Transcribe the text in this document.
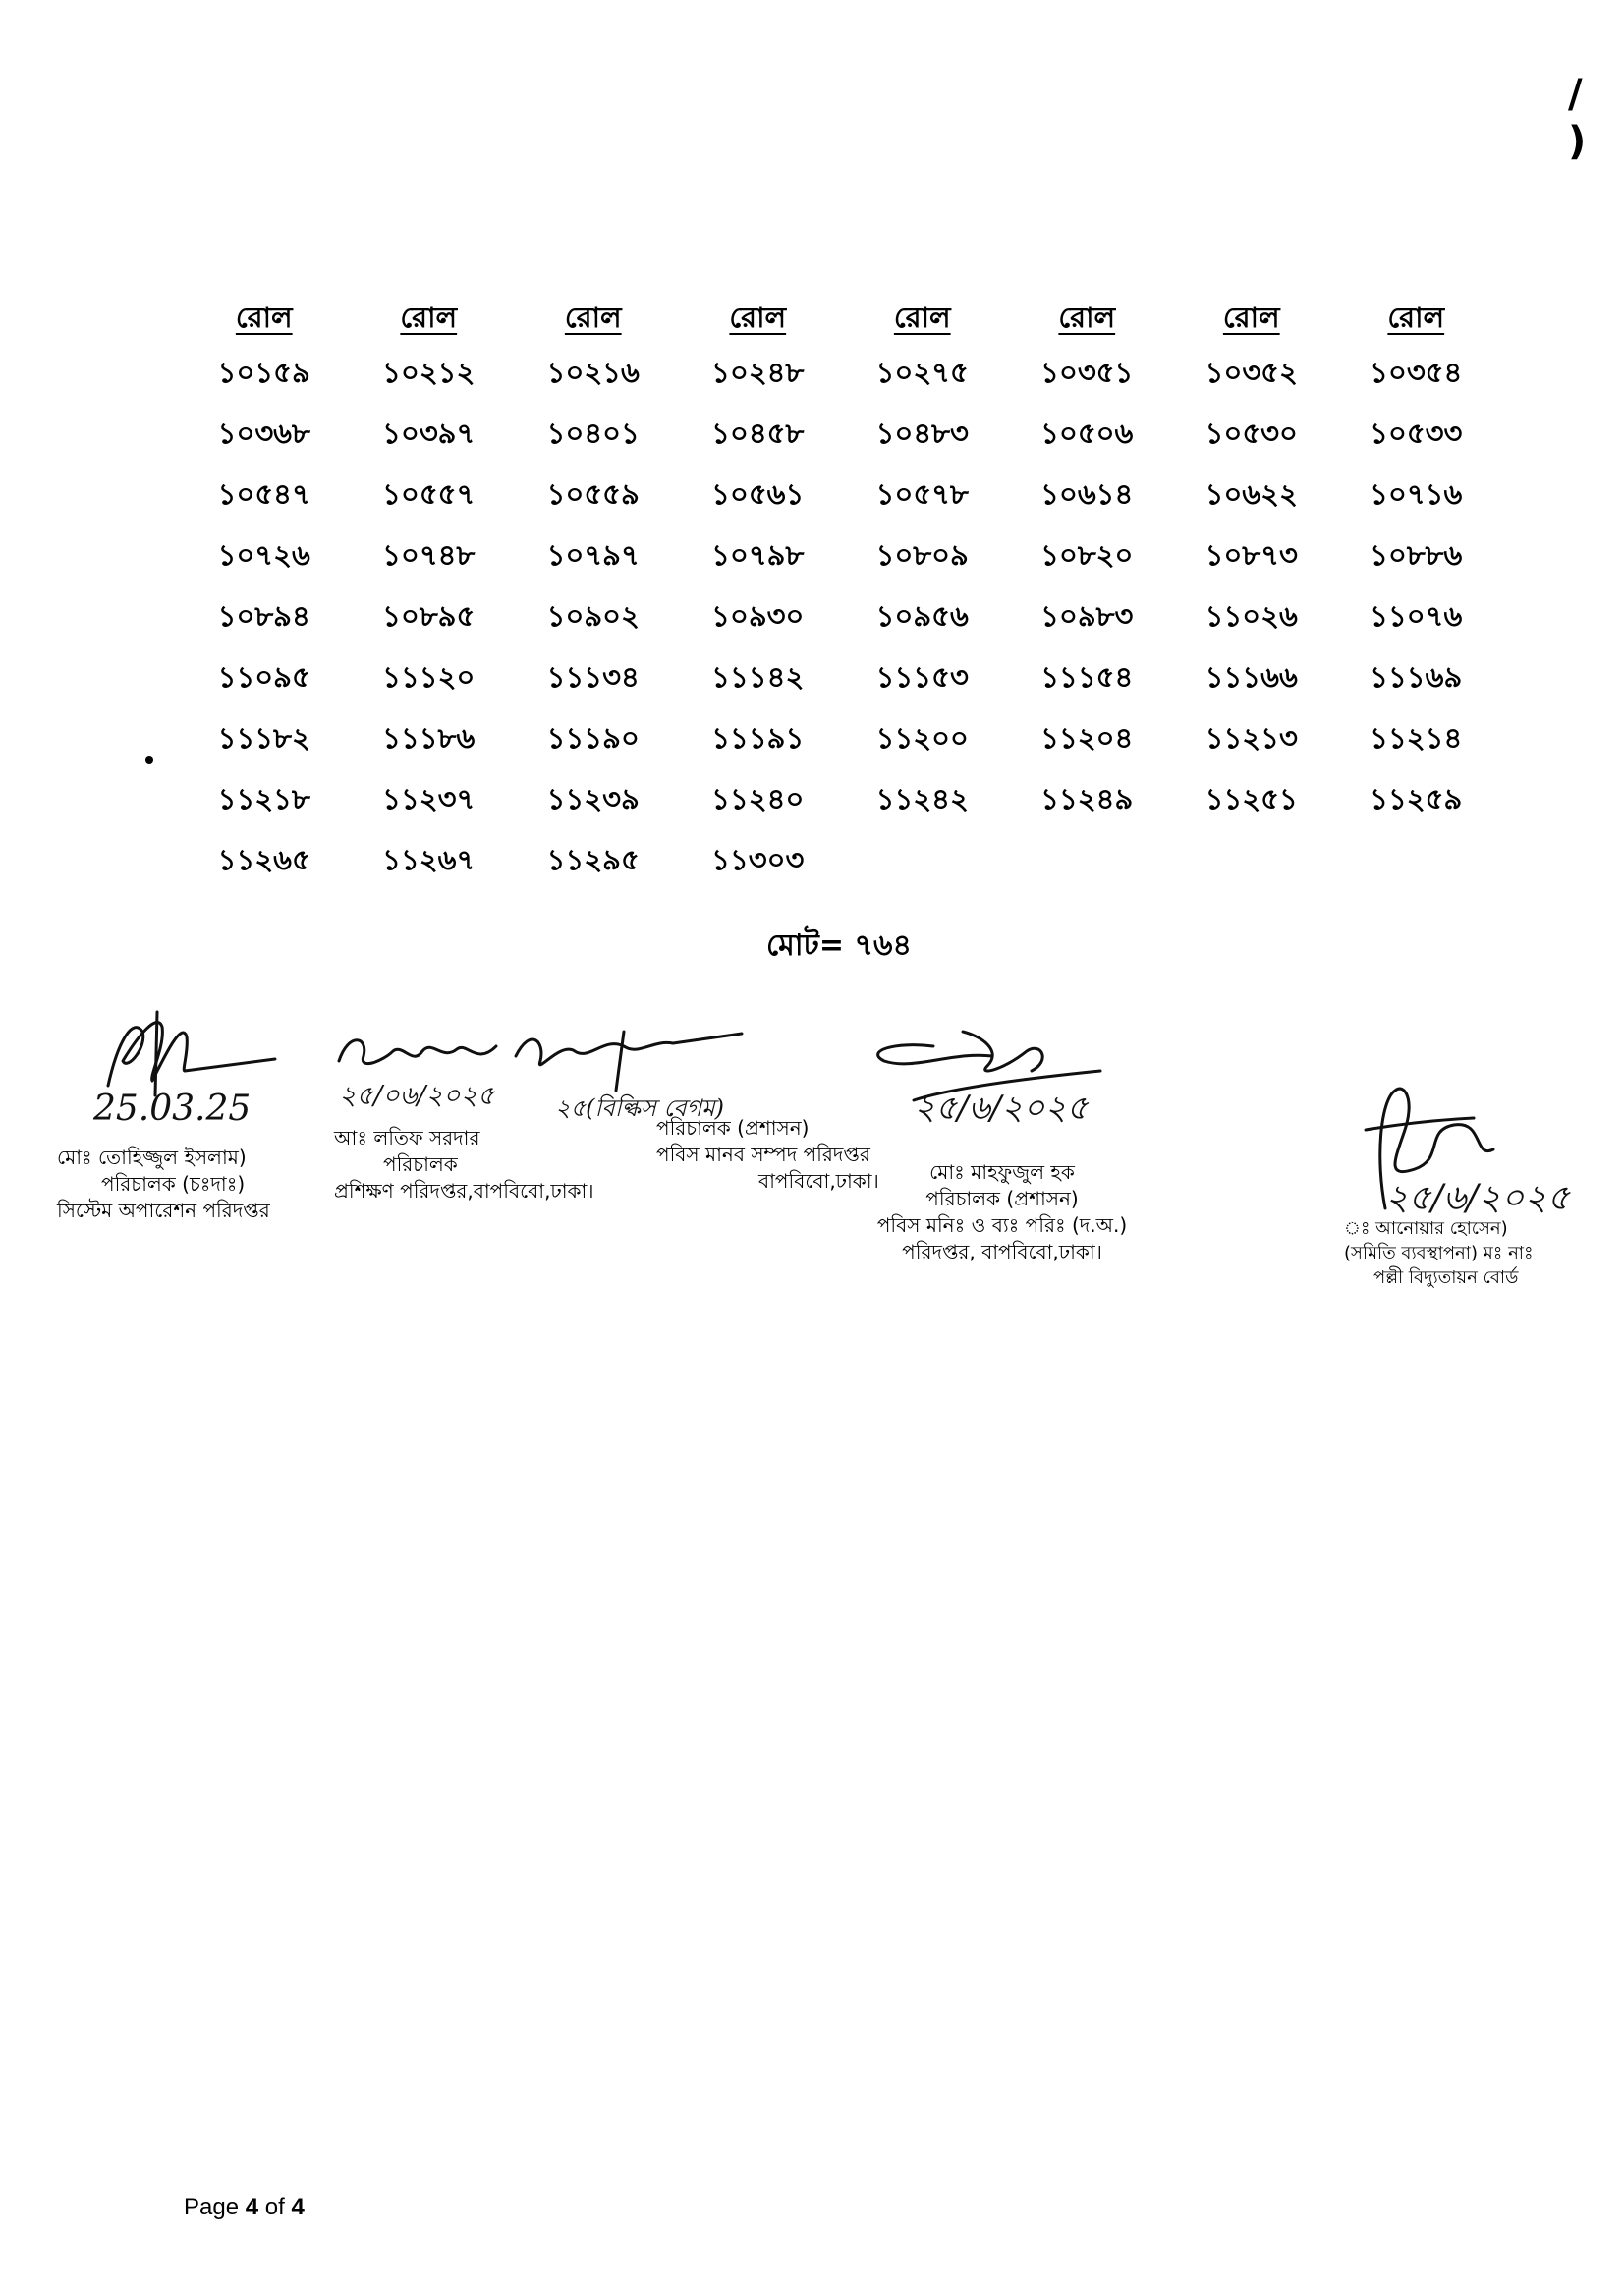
/
)
রোল	রোল	রোল	রোল	রোল	রোল	রোল	রোল
১০১৫৯	১০২১২	১০২১৬	১০২৪৮	১০২৭৫	১০৩৫১	১০৩৫২	১০৩৫৪
১০৩৬৮	১০৩৯৭	১০৪০১	১০৪৫৮	১০৪৮৩	১০৫০৬	১০৫৩০	১০৫৩৩
১০৫৪৭	১০৫৫৭	১০৫৫৯	১০৫৬১	১০৫৭৮	১০৬১৪	১০৬২২	১০৭১৬
১০৭২৬	১০৭৪৮	১০৭৯৭	১০৭৯৮	১০৮০৯	১০৮২০	১০৮৭৩	১০৮৮৬
১০৮৯৪	১০৮৯৫	১০৯০২	১০৯৩০	১০৯৫৬	১০৯৮৩	১১০২৬	১১০৭৬
১১০৯৫	১১১২০	১১১৩৪	১১১৪২	১১১৫৩	১১১৫৪	১১১৬৬	১১১৬৯
১১১৮২	১১১৮৬	১১১৯০	১১১৯১	১১২০০	১১২০৪	১১২১৩	১১২১৪
১১২১৮	১১২৩৭	১১২৩৯	১১২৪০	১১২৪২	১১২৪৯	১১২৫১	১১২৫৯
১১২৬৫	১১২৬৭	১১২৯৫	১১৩০৩				
মোট= ৭৬৪
25.03.25	২৫/০৬/২০২৫	২৫(বিল্কিস বেগম)	২৫/৬/২০২৫
২৫/৬/২০২৫
মোঃ তোহিজ্জুল ইসলাম)
পরিচালক (চঃদাঃ)
সিস্টেম অপারেশন পরিদপ্তর
আঃ লতিফ সরদার
পরিচালক
প্রশিক্ষণ পরিদপ্তর,বাপবিবো,ঢাকা।
পরিচালক (প্রশাসন)
পবিস মানব সম্পদ পরিদপ্তর
বাপবিবো,ঢাকা।	মোঃ মাহফুজুল হক
পরিচালক (প্রশাসন)
পবিস মনিঃ ও ব্যঃ পরিঃ (দ.অ.)
পরিদপ্তর, বাপবিবো,ঢাকা।
ঃ আনোয়ার হোসেন)
(সমিতি ব্যবস্থাপনা) মঃ নাঃ
পল্লী বিদ্যুতায়ন বোর্ড
Page 4 of 4
